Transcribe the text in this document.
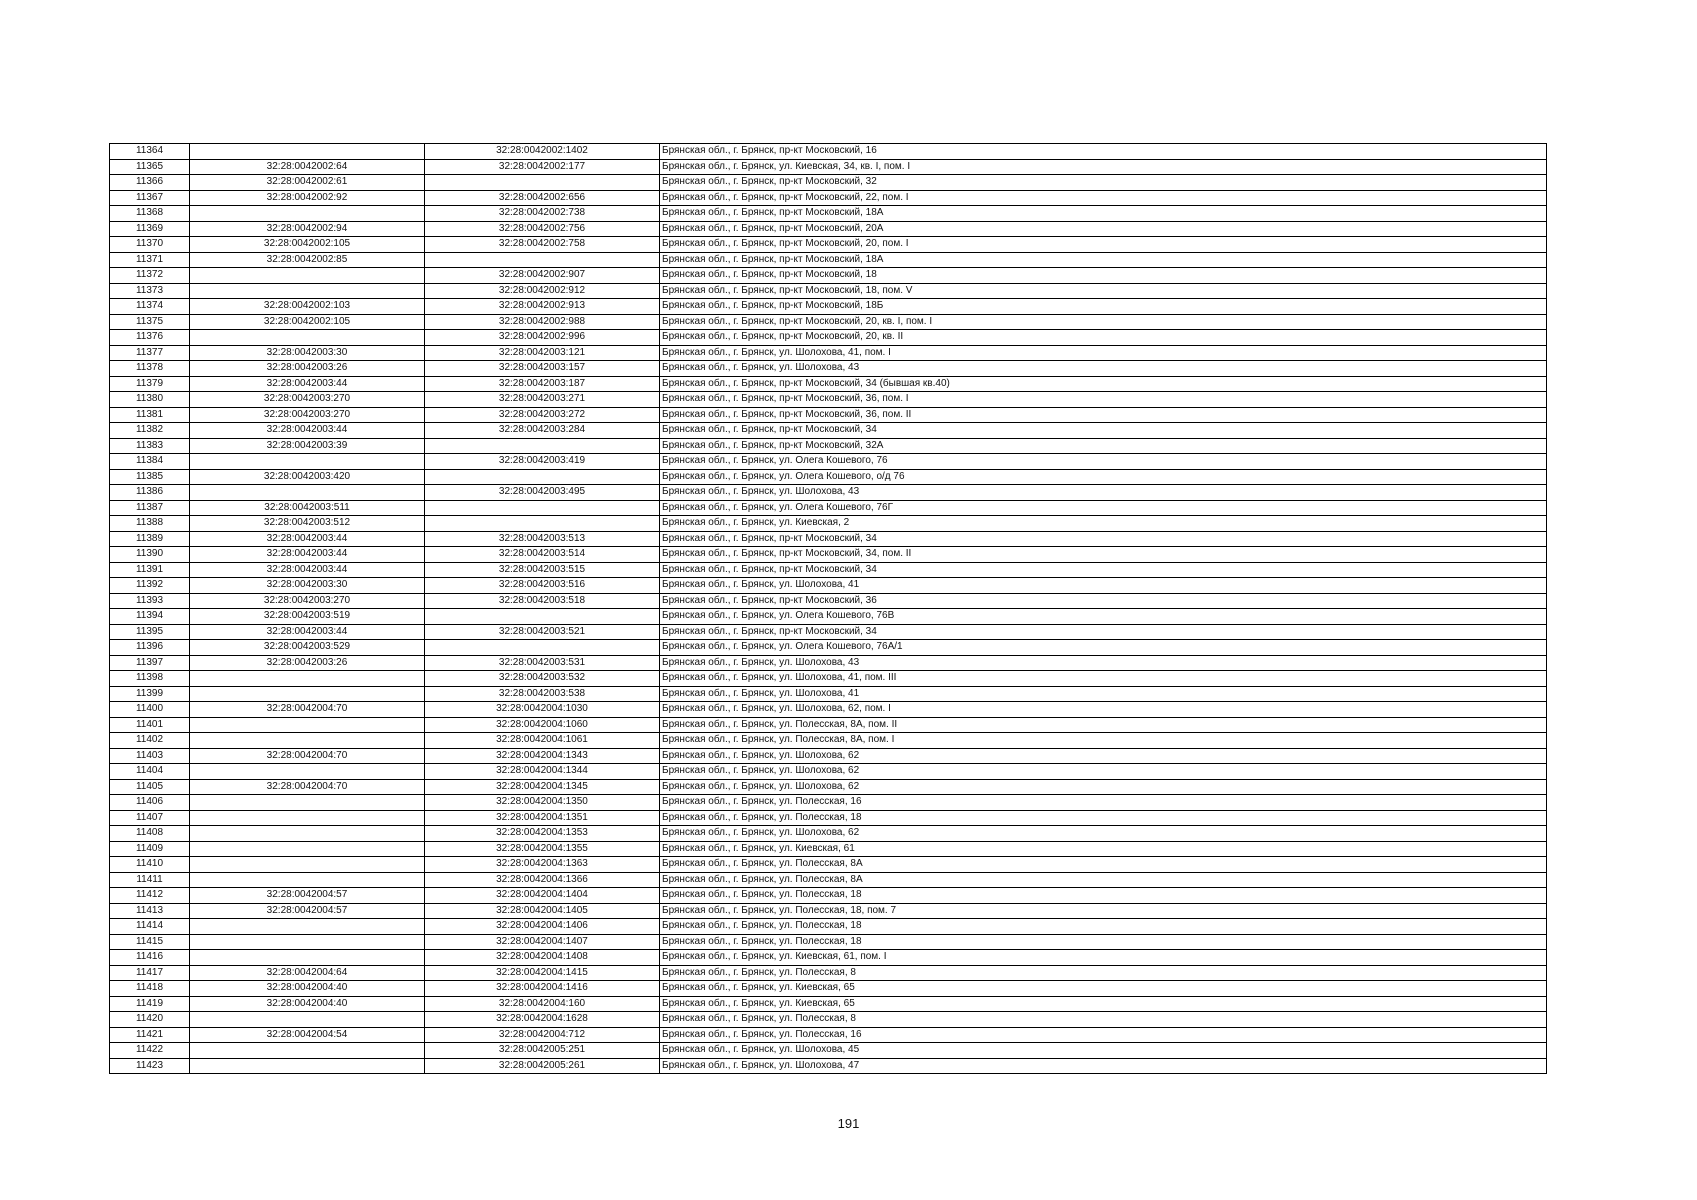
11364		32:28:0042002:1402	Брянская обл., г. Брянск, пр-кт Московский, 16
11365	32:28:0042002:64	32:28:0042002:177	Брянская обл., г. Брянск, ул. Киевская, 34, кв. I, пом. I
11366	32:28:0042002:61		Брянская обл., г. Брянск, пр-кт Московский, 32
11367	32:28:0042002:92	32:28:0042002:656	Брянская обл., г. Брянск, пр-кт Московский, 22, пом. I
11368		32:28:0042002:738	Брянская обл., г. Брянск, пр-кт Московский, 18А
11369	32:28:0042002:94	32:28:0042002:756	Брянская обл., г. Брянск, пр-кт Московский, 20А
11370	32:28:0042002:105	32:28:0042002:758	Брянская обл., г. Брянск, пр-кт Московский, 20, пом. I
11371	32:28:0042002:85		Брянская обл., г. Брянск, пр-кт Московский, 18А
11372		32:28:0042002:907	Брянская обл., г. Брянск, пр-кт Московский, 18
11373		32:28:0042002:912	Брянская обл., г. Брянск, пр-кт Московский, 18, пом. V
11374	32:28:0042002:103	32:28:0042002:913	Брянская обл., г. Брянск, пр-кт Московский, 18Б
11375	32:28:0042002:105	32:28:0042002:988	Брянская обл., г. Брянск, пр-кт Московский, 20, кв. I, пом. I
11376		32:28:0042002:996	Брянская обл., г. Брянск, пр-кт Московский, 20, кв. II
11377	32:28:0042003:30	32:28:0042003:121	Брянская обл., г. Брянск, ул. Шолохова, 41, пом. I
11378	32:28:0042003:26	32:28:0042003:157	Брянская обл., г. Брянск, ул. Шолохова, 43
11379	32:28:0042003:44	32:28:0042003:187	Брянская обл., г. Брянск, пр-кт Московский, 34 (бывшая кв.40)
11380	32:28:0042003:270	32:28:0042003:271	Брянская обл., г. Брянск, пр-кт Московский, 36, пом. I
11381	32:28:0042003:270	32:28:0042003:272	Брянская обл., г. Брянск, пр-кт Московский, 36, пом. II
11382	32:28:0042003:44	32:28:0042003:284	Брянская обл., г. Брянск, пр-кт Московский, 34
11383	32:28:0042003:39		Брянская обл., г. Брянск, пр-кт Московский, 32А
11384		32:28:0042003:419	Брянская обл., г. Брянск, ул. Олега Кошевого, 76
11385	32:28:0042003:420		Брянская обл., г. Брянск, ул. Олега Кошевого, о/д 76
11386		32:28:0042003:495	Брянская обл., г. Брянск, ул. Шолохова, 43
11387	32:28:0042003:511		Брянская обл., г. Брянск, ул. Олега Кошевого, 76Г
11388	32:28:0042003:512		Брянская обл., г. Брянск, ул. Киевская, 2
11389	32:28:0042003:44	32:28:0042003:513	Брянская обл., г. Брянск, пр-кт Московский, 34
11390	32:28:0042003:44	32:28:0042003:514	Брянская обл., г. Брянск, пр-кт Московский, 34, пом. II
11391	32:28:0042003:44	32:28:0042003:515	Брянская обл., г. Брянск, пр-кт Московский, 34
11392	32:28:0042003:30	32:28:0042003:516	Брянская обл., г. Брянск, ул. Шолохова, 41
11393	32:28:0042003:270	32:28:0042003:518	Брянская обл., г. Брянск, пр-кт Московский, 36
11394	32:28:0042003:519		Брянская обл., г. Брянск, ул. Олега Кошевого, 76В
11395	32:28:0042003:44	32:28:0042003:521	Брянская обл., г. Брянск, пр-кт Московский, 34
11396	32:28:0042003:529		Брянская обл., г. Брянск, ул. Олега Кошевого, 76А/1
11397	32:28:0042003:26	32:28:0042003:531	Брянская обл., г. Брянск, ул. Шолохова, 43
11398		32:28:0042003:532	Брянская обл., г. Брянск, ул. Шолохова, 41, пом. III
11399		32:28:0042003:538	Брянская обл., г. Брянск, ул. Шолохова, 41
11400	32:28:0042004:70	32:28:0042004:1030	Брянская обл., г. Брянск, ул. Шолохова, 62, пом. I
11401		32:28:0042004:1060	Брянская обл., г. Брянск, ул. Полесская, 8А, пом. II
11402		32:28:0042004:1061	Брянская обл., г. Брянск, ул. Полесская, 8А, пом. I
11403	32:28:0042004:70	32:28:0042004:1343	Брянская обл., г. Брянск, ул. Шолохова, 62
11404		32:28:0042004:1344	Брянская обл., г. Брянск, ул. Шолохова, 62
11405	32:28:0042004:70	32:28:0042004:1345	Брянская обл., г. Брянск, ул. Шолохова, 62
11406		32:28:0042004:1350	Брянская обл., г. Брянск, ул. Полесская, 16
11407		32:28:0042004:1351	Брянская обл., г. Брянск, ул. Полесская, 18
11408		32:28:0042004:1353	Брянская обл., г. Брянск, ул. Шолохова, 62
11409		32:28:0042004:1355	Брянская обл., г. Брянск, ул. Киевская, 61
11410		32:28:0042004:1363	Брянская обл., г. Брянск, ул. Полесская, 8А
11411		32:28:0042004:1366	Брянская обл., г. Брянск, ул. Полесская, 8А
11412	32:28:0042004:57	32:28:0042004:1404	Брянская обл., г. Брянск, ул. Полесская, 18
11413	32:28:0042004:57	32:28:0042004:1405	Брянская обл., г. Брянск, ул. Полесская, 18, пом. 7
11414		32:28:0042004:1406	Брянская обл., г. Брянск, ул. Полесская, 18
11415		32:28:0042004:1407	Брянская обл., г. Брянск, ул. Полесская, 18
11416		32:28:0042004:1408	Брянская обл., г. Брянск, ул. Киевская, 61, пом. I
11417	32:28:0042004:64	32:28:0042004:1415	Брянская обл., г. Брянск, ул. Полесская, 8
11418	32:28:0042004:40	32:28:0042004:1416	Брянская обл., г. Брянск, ул. Киевская, 65
11419	32:28:0042004:40	32:28:0042004:160	Брянская обл., г. Брянск, ул. Киевская, 65
11420		32:28:0042004:1628	Брянская обл., г. Брянск, ул. Полесская, 8
11421	32:28:0042004:54	32:28:0042004:712	Брянская обл., г. Брянск, ул. Полесская, 16
11422		32:28:0042005:251	Брянская обл., г. Брянск, ул. Шолохова, 45
11423		32:28:0042005:261	Брянская обл., г. Брянск, ул. Шолохова, 47
191
